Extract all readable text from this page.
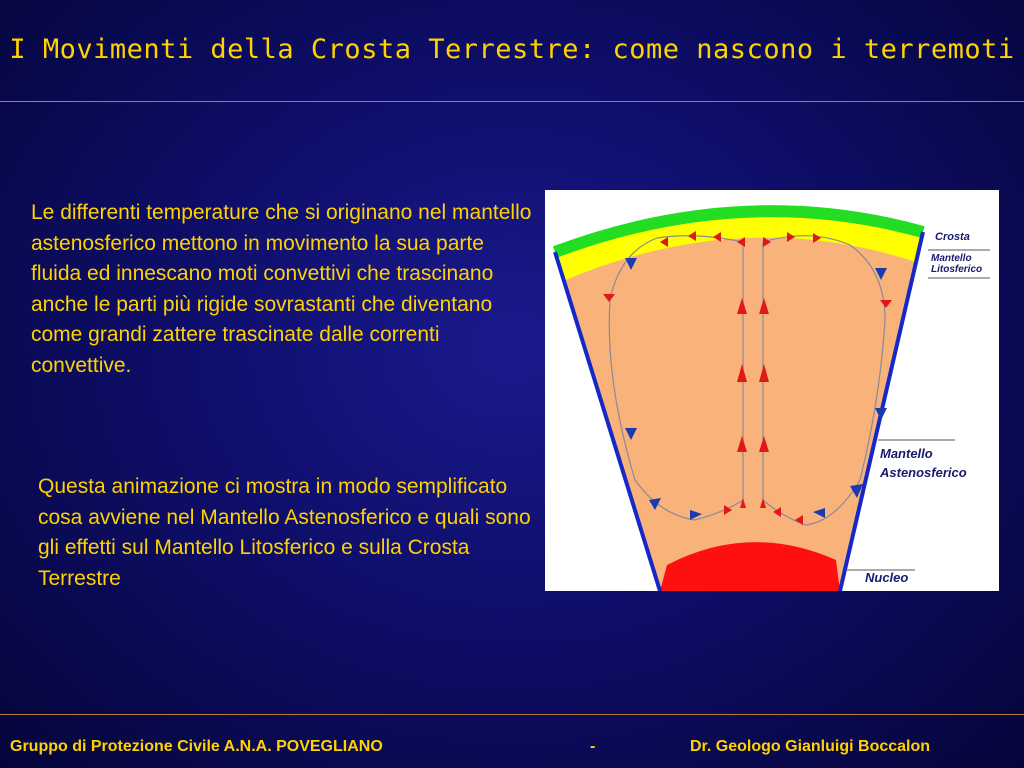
I Movimenti della Crosta Terrestre: come nascono i terremoti
Le differenti temperature che si originano nel mantello astenosferico mettono in movimento la sua parte fluida ed innescano moti convettivi che trascinano anche le parti più rigide sovrastanti che diventano come grandi zattere trascinate dalle correnti convettive.
Questa animazione ci mostra in modo semplificato cosa avviene nel Mantello Astenosferico e quali sono gli effetti sul Mantello Litosferico e sulla Crosta Terrestre
Crosta
Mantello
Litosferico
Mantello
Astenosferico
Nucleo
Gruppo di Protezione Civile A.N.A. POVEGLIANO	-	Dr. Geologo Gianluigi Boccalon
